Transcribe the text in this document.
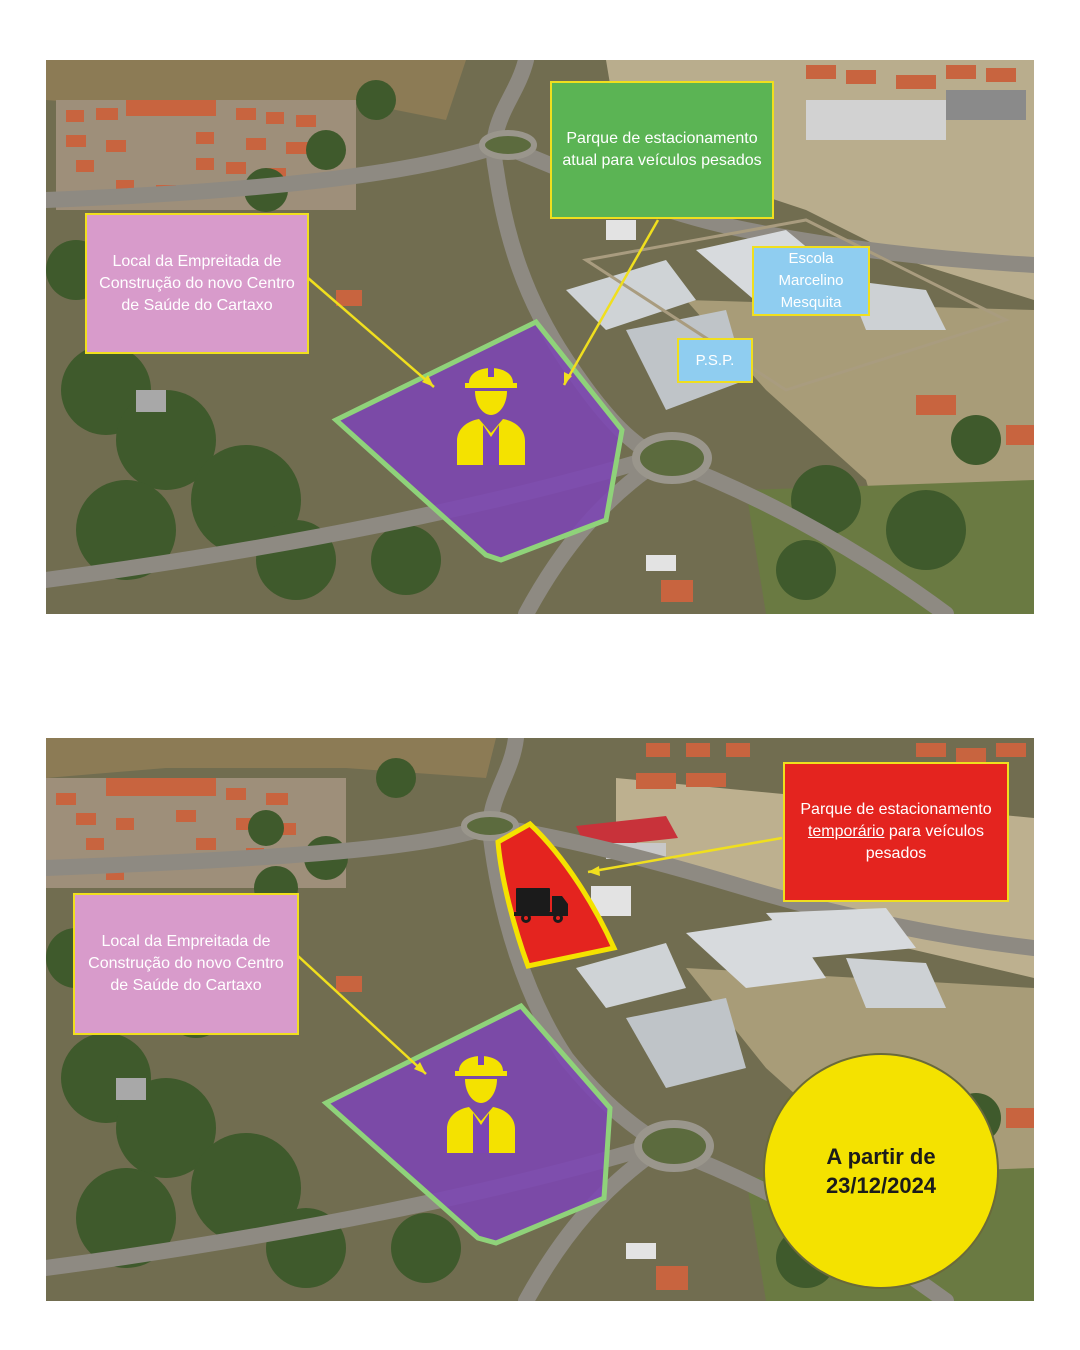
Local da Empreitada de Construção do novo Centro de Saúde do Cartaxo
Parque de estacionamento atual para veículos pesados
Escola Marcelino Mesquita
P.S.P.
Local da Empreitada de Construção do novo Centro de Saúde do Cartaxo
Parque de estacionamento
temporário para veículos pesados
A partir de
23/12/2024
